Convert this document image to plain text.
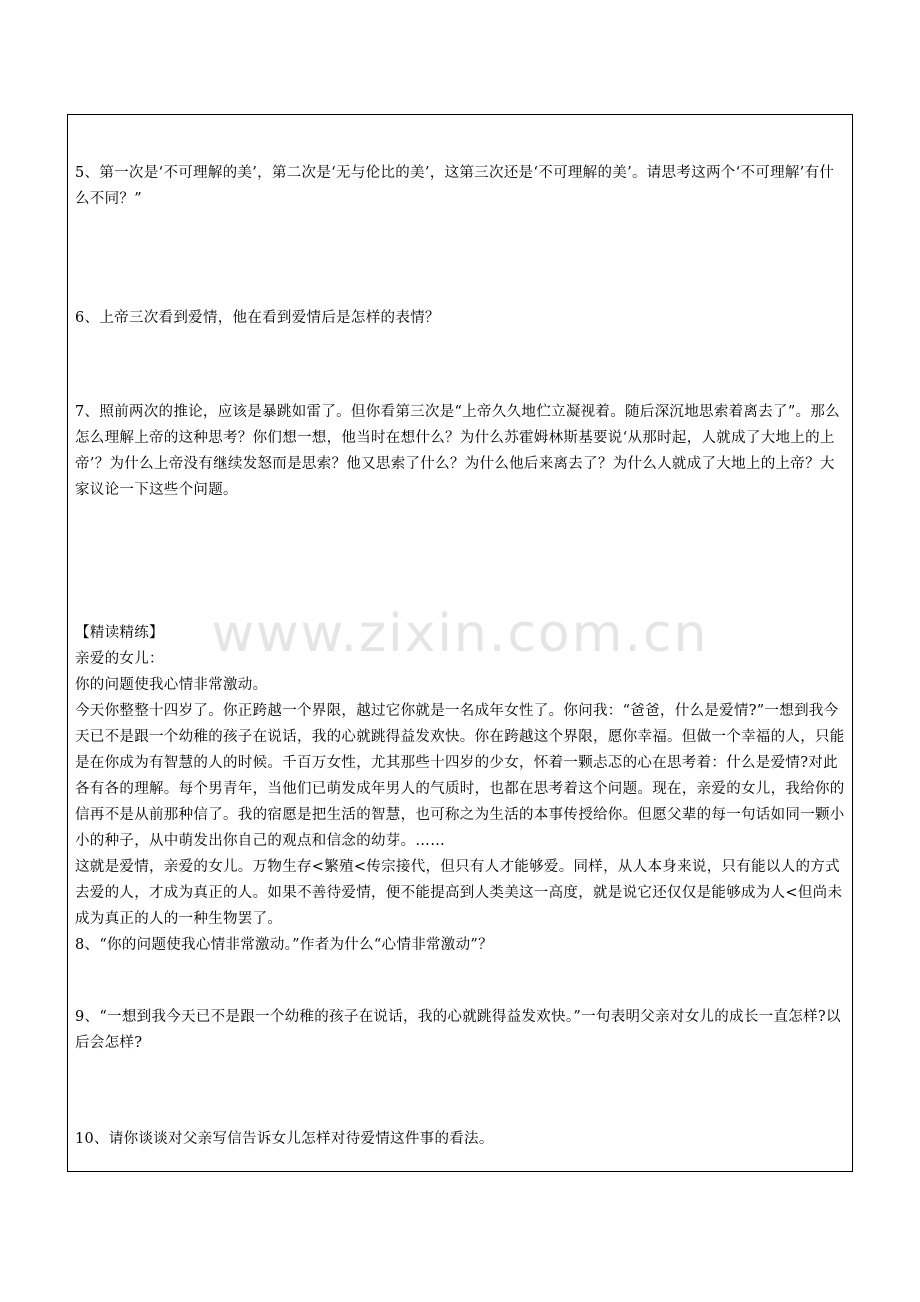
5、第一次是‘不可理解的美’，第二次是‘无与伦比的美’，这第三次还是‘不可理解的美’。请思考这两个‘不可理解’有什么不同？”

6、上帝三次看到爱情，他在看到爱情后是怎样的表情？

7、照前两次的推论，应该是暴跳如雷了。但你看第三次是“上帝久久地伫立凝视着。随后深沉地思索着离去了”。那么怎么理解上帝的这种思考？你们想一想，他当时在想什么？为什么苏霍姆林斯基要说‘从那时起，人就成了大地上的上帝’？为什么上帝没有继续发怒而是思索？他又思索了什么？为什么他后来离去了？为什么人就成了大地上的上帝？大家议论一下这些个问题。

【精读精练】
亲爱的女儿：
你的问题使我心情非常激动。
今天你整整十四岁了。你正跨越一个界限，越过它你就是一名成年女性了。你问我：“爸爸，什么是爱情?”一想到我今天已不是跟一个幼稚的孩子在说话，我的心就跳得益发欢快。你在跨越这个界限，愿你幸福。但做一个幸福的人，只能是在你成为有智慧的人的时候。千百万女性，尤其那些十四岁的少女，怀着一颗忐忑的心在思考着：什么是爱情?对此各有各的理解。每个男青年，当他们已萌发成年男人的气质时，也都在思考着这个问题。现在，亲爱的女儿，我给你的信再不是从前那种信了。我的宿愿是把生活的智慧，也可称之为生活的本事传授给你。但愿父辈的每一句话如同一颗小小的种子，从中萌发出你自己的观点和信念的幼芽。……
这就是爱情，亲爱的女儿。万物生存<繁殖<传宗接代，但只有人才能够爱。同样，从人本身来说，只有能以人的方式去爱的人，才成为真正的人。如果不善待爱情，便不能提高到人类美这一高度，就是说它还仅仅是能够成为人<但尚未成为真正的人的一种生物罢了。
8、“你的问题使我心情非常激动。”作者为什么“心情非常激动”？

9、“一想到我今天已不是跟一个幼稚的孩子在说话，我的心就跳得益发欢快。”一句表明父亲对女儿的成长一直怎样?以后会怎样?

10、请你谈谈对父亲写信告诉女儿怎样对待爱情这件事的看法。

www.zixin.com.cn
